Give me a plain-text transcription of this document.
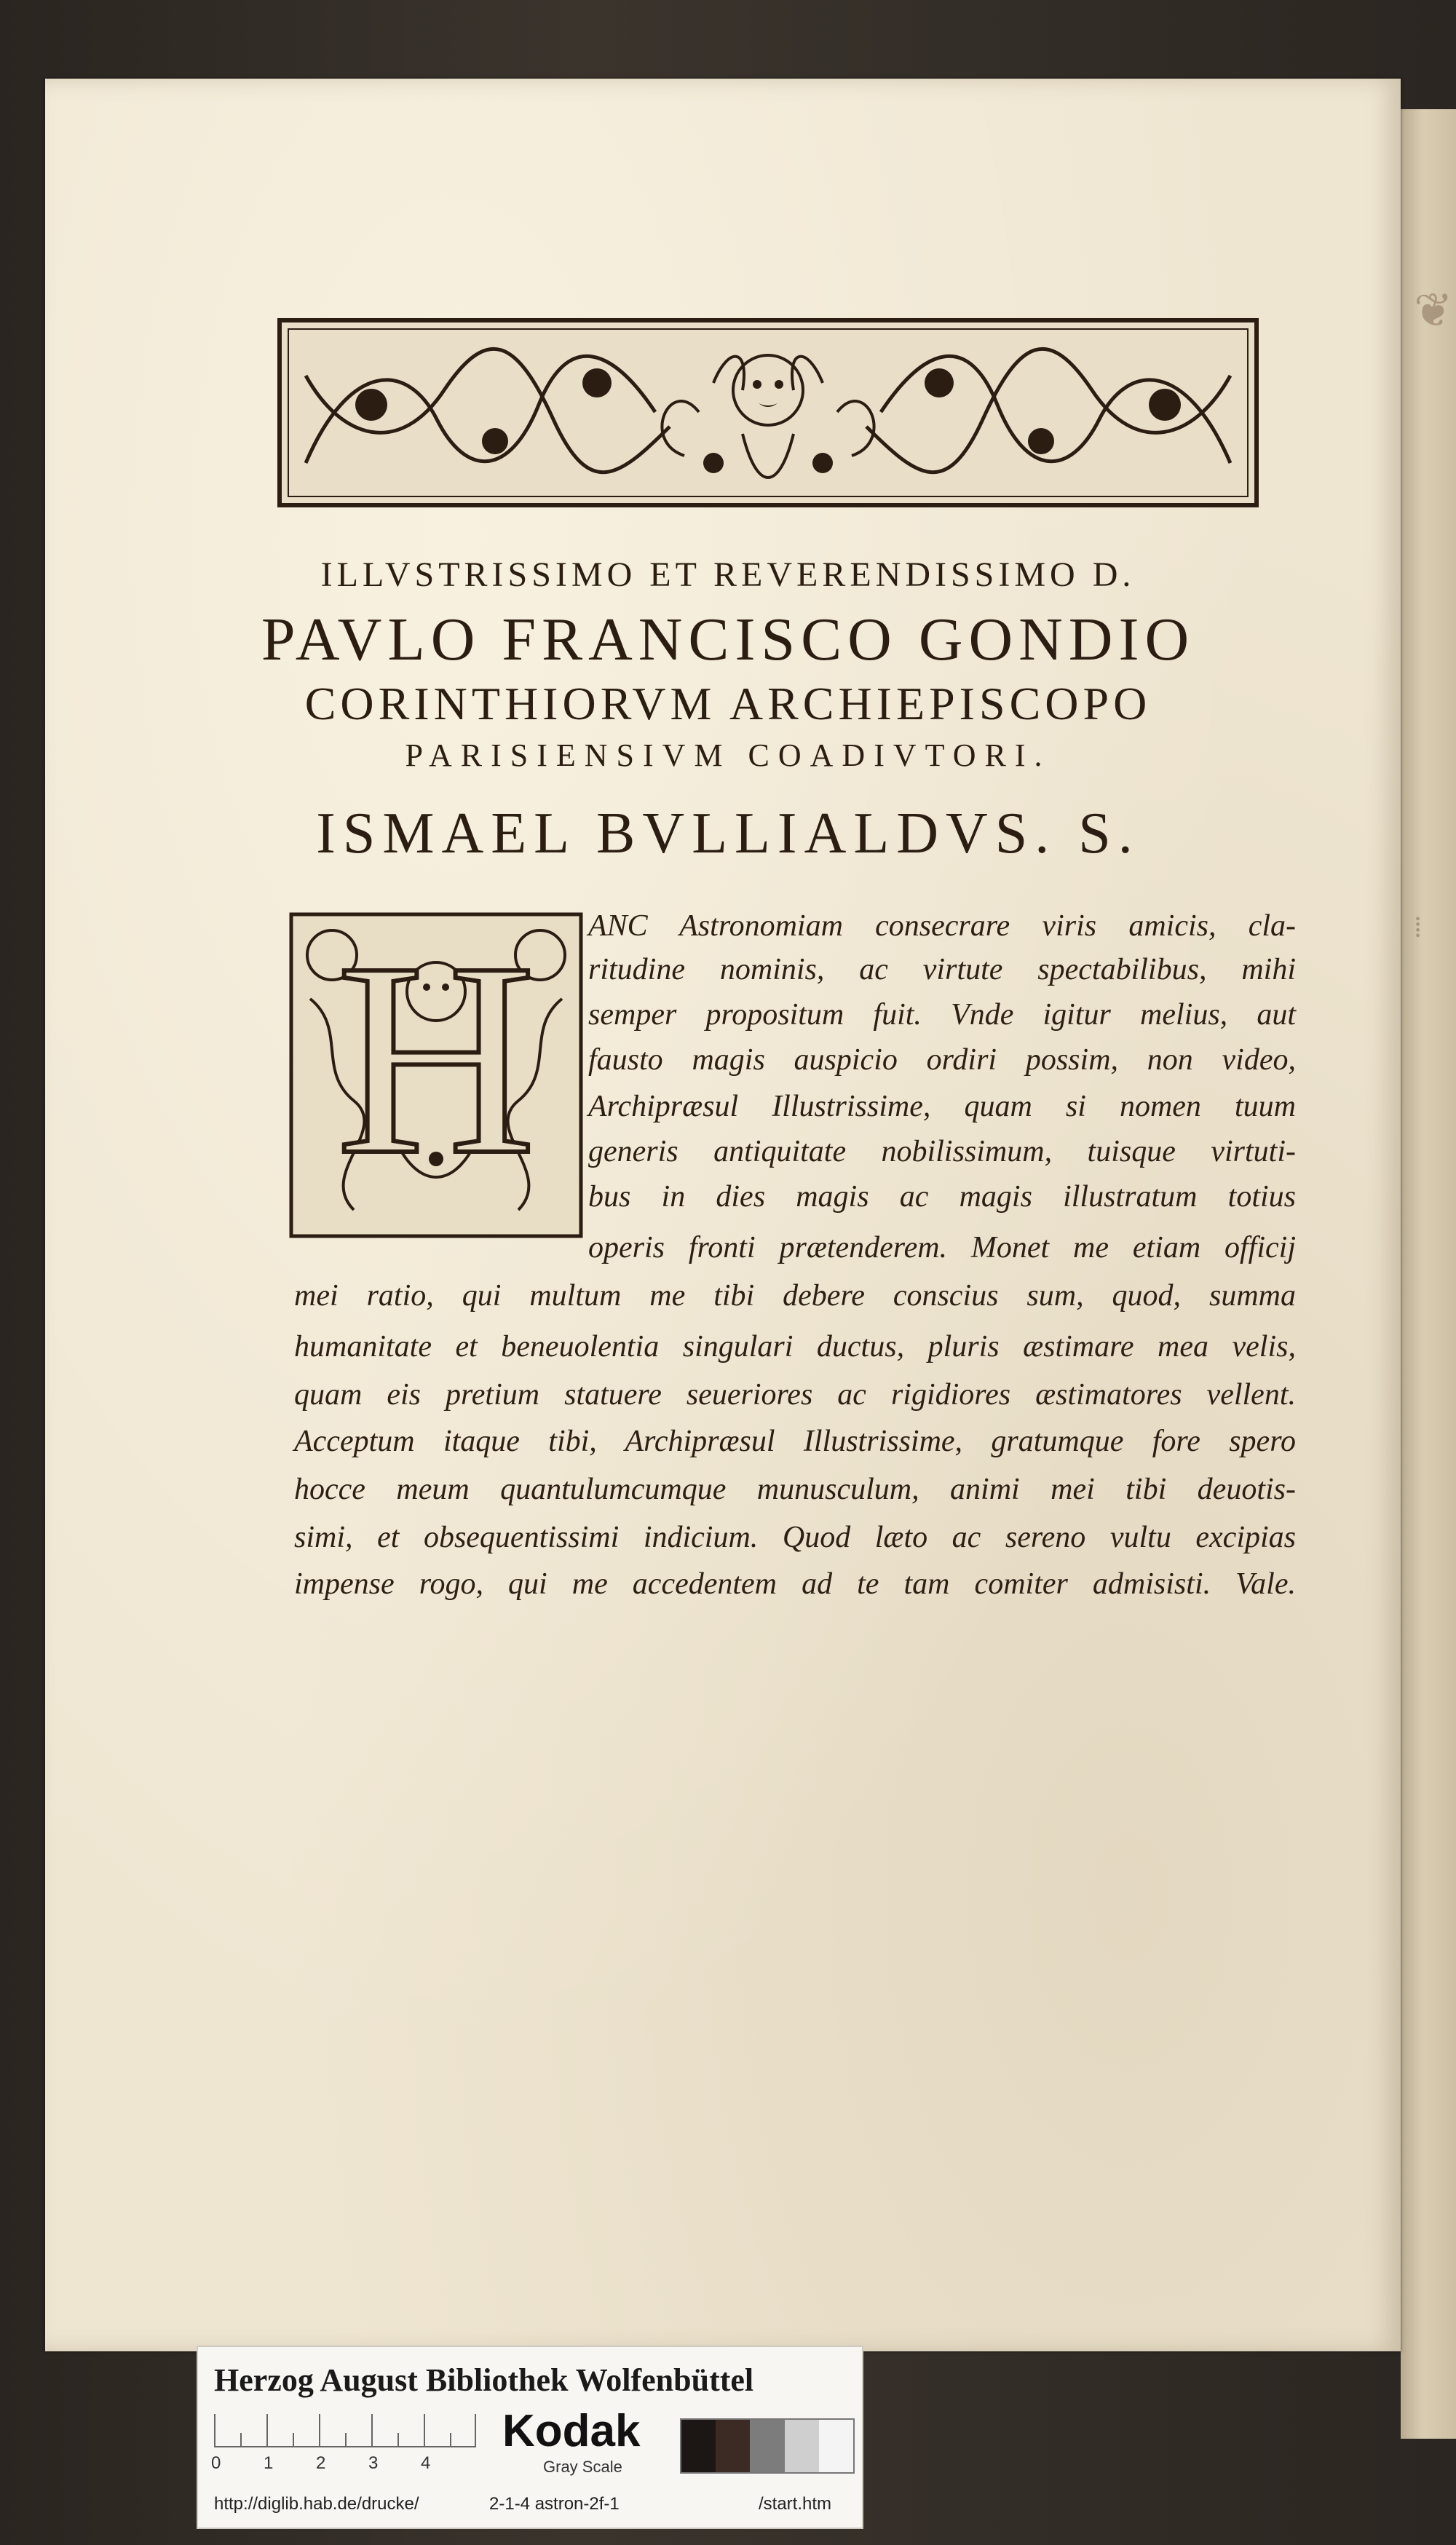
❦
⁞
ILLVSTRISSIMO ET REVERENDISSIMO D.
PAVLO FRANCISCO GONDIO
CORINTHIORVM ARCHIEPISCOPO
PARISIENSIVM COADIVTORI.
ISMAEL BVLLIALDVS. S.
H ANC Astronomiam consecrare viris amicis, cla-
ritudine nominis, ac virtute spectabilibus, mihi
semper propositum fuit. Vnde igitur melius, aut
fausto magis auspicio ordiri possim, non video,
Archipræsul Illustrissime, quam si nomen tuum
generis antiquitate nobilissimum, tuisque virtuti-
bus in dies magis ac magis illustratum totius
operis fronti prætenderem. Monet me etiam officij
mei ratio, qui multum me tibi debere conscius sum, quod, summa
humanitate et beneuolentia singulari ductus, pluris æstimare mea velis,
quam eis pretium statuere seueriores ac rigidiores æstimatores vellent.
Acceptum itaque tibi, Archipræsul Illustrissime, gratumque fore spero
hocce meum quantulumcumque munusculum, animi mei tibi deuotis-
simi, et obsequentissimi indicium. Quod læto ac sereno vultu excipias
impense rogo, qui me accedentem ad te tam comiter admisisti. Vale.
Herzog August Bibliothek Wolfenbüttel
0 1 2 3 4
Kodak
Gray Scale
http://diglib.hab.de/drucke/	2-1-4 astron-2f-1	/start.htm
